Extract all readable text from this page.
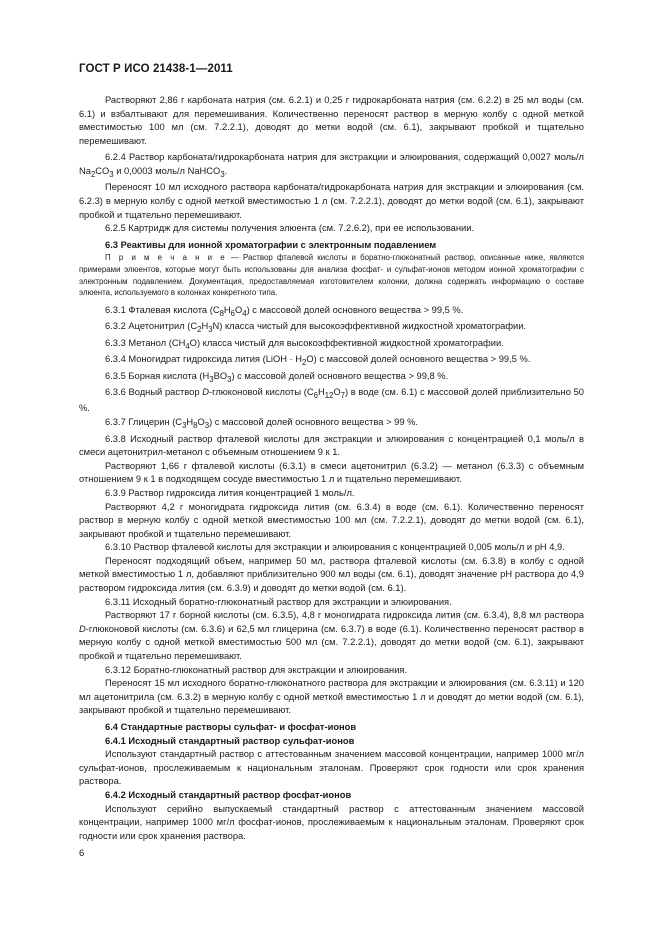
ГОСТ Р ИСО 21438-1—2011

Растворяют 2,86 г карбоната натрия (см. 6.2.1) и 0,25 г гидрокарбоната натрия (см. 6.2.2) в 25 мл воды (см. 6.1) и взбалтывают для перемешивания. Количественно переносят раствор в мерную колбу с одной меткой вместимостью 100 мл (см. 7.2.2.1), доводят до метки водой (см. 6.1), закрывают пробкой и тщательно перемешивают.

6.2.4 Раствор карбоната/гидрокарбоната натрия для экстракции и элюирования, содержащий 0,0027 моль/л $Na_2CO_3$ и 0,0003 моль/л NaHCO$_3$.

Переносят 10 мл исходного раствора карбоната/гидрокарбоната натрия для экстракции и элюирования (см. 6.2.3) в мерную колбу с одной меткой вместимостью 1 л (см. 7.2.2.1), доводят до метки водой (см. 6.1), закрывают пробкой и тщательно перемешивают.

6.2.5 Картридж для системы получения элюента (см. 7.2.6.2), при ее использовании.

6.3 Реактивы для ионной хроматографии с электронным подавлением

П р и м е ч а н и е — Раствор фталевой кислоты и боратно-глюконатный раствор, описанные ниже, являются примерами элюентов, которые могут быть использованы для анализа фосфат- и сульфат-ионов методом ионной хроматографии с электронным подавлением. Документация, предоставляемая изготовителем колонки, должна содержать информацию о составе элюента, используемого в колонках конкретного типа.

6.3.1 Фталевая кислота $(C_8H_6O_4)$ с массовой долей основного вещества > 99,5 %.

6.3.2 Ацетонитрил $(C_2H_3N)$ класса чистый для высокоэффективной жидкостной хроматографии.

6.3.3 Метанол $(CH_4O)$ класса чистый для высокоэффективной жидкостной хроматографии.

6.3.4 Моногидрат гидроксида лития (LiOH · $H_2O$) с массовой долей основного вещества > 99,5 %.

6.3.5 Борная кислота $(H_3BO_3)$ с массовой долей основного вещества > 99,8 %.

6.3.6 Водный раствор D-глюконовой кислоты $(C_6H_{12}O_7)$ в воде (см. 6.1) с массовой долей приблизительно 50 %.

6.3.7 Глицерин $(C_3H_8O_3)$ с массовой долей основного вещества > 99 %.

6.3.8 Исходный раствор фталевой кислоты для экстракции и элюирования с концентрацией 0,1 моль/л в смеси ацетонитрил-метанол с объемным отношением 9 к 1.

Растворяют 1,66 г фталевой кислоты (6.3.1) в смеси ацетонитрил (6.3.2) — метанол (6.3.3) с объемным отношением 9 к 1 в подходящем сосуде вместимостью 1 л и тщательно перемешивают.

6.3.9 Раствор гидроксида лития концентрацией 1 моль/л.

Растворяют 4,2 г моногидрата гидроксида лития (см. 6.3.4) в воде (см. 6.1). Количественно переносят раствор в мерную колбу с одной меткой вместимостью 100 мл (см. 7.2.2.1), доводят до метки водой (см. 6.1), закрывают пробкой и тщательно перемешивают.

6.3.10 Раствор фталевой кислоты для экстракции и элюирования с концентрацией 0,005 моль/л и pH 4,9.

Переносят подходящий объем, например 50 мл, раствора фталевой кислоты (см. 6.3.8) в колбу с одной меткой вместимостью 1 л, добавляют приблизительно 900 мл воды (см. 6.1), доводят значение pH раствора до 4,9 раствором гидроксида лития (см. 6.3.9) и доводят до метки водой (см. 6.1).

6.3.11 Исходный боратно-глюконатный раствор для экстракции и элюирования.

Растворяют 17 г борной кислоты (см. 6.3.5), 4,8 г моногидрата гидроксида лития (см. 6.3.4), 8,8 мл раствора D-глюконовой кислоты (см. 6.3.6) и 62,5 мл глицерина (см. 6.3.7) в воде (6.1). Количественно переносят раствор в мерную колбу с одной меткой вместимостью 500 мл (см. 7.2.2.1), доводят до метки водой (см. 6.1), закрывают пробкой и тщательно перемешивают.

6.3.12 Боратно-глюконатный раствор для экстракции и элюирования.

Переносят 15 мл исходного боратно-глюконатного раствора для экстракции и элюирования (см. 6.3.11) и 120 мл ацетонитрила (см. 6.3.2) в мерную колбу с одной меткой вместимостью 1 л и доводят до метки водой (см. 6.1), закрывают пробкой и тщательно перемешивают.

6.4 Стандартные растворы сульфат- и фосфат-ионов

6.4.1 Исходный стандартный раствор сульфат-ионов

Используют стандартный раствор с аттестованным значением массовой концентрации, например 1000 мг/л сульфат-ионов, прослеживаемым к национальным эталонам. Проверяют срок годности или срок хранения раствора.

6.4.2 Исходный стандартный раствор фосфат-ионов

Используют серийно выпускаемый стандартный раствор с аттестованным значением массовой концентрации, например 1000 мг/л фосфат-ионов, прослеживаемым к национальным эталонам. Проверяют срок годности или срок хранения раствора.

6
